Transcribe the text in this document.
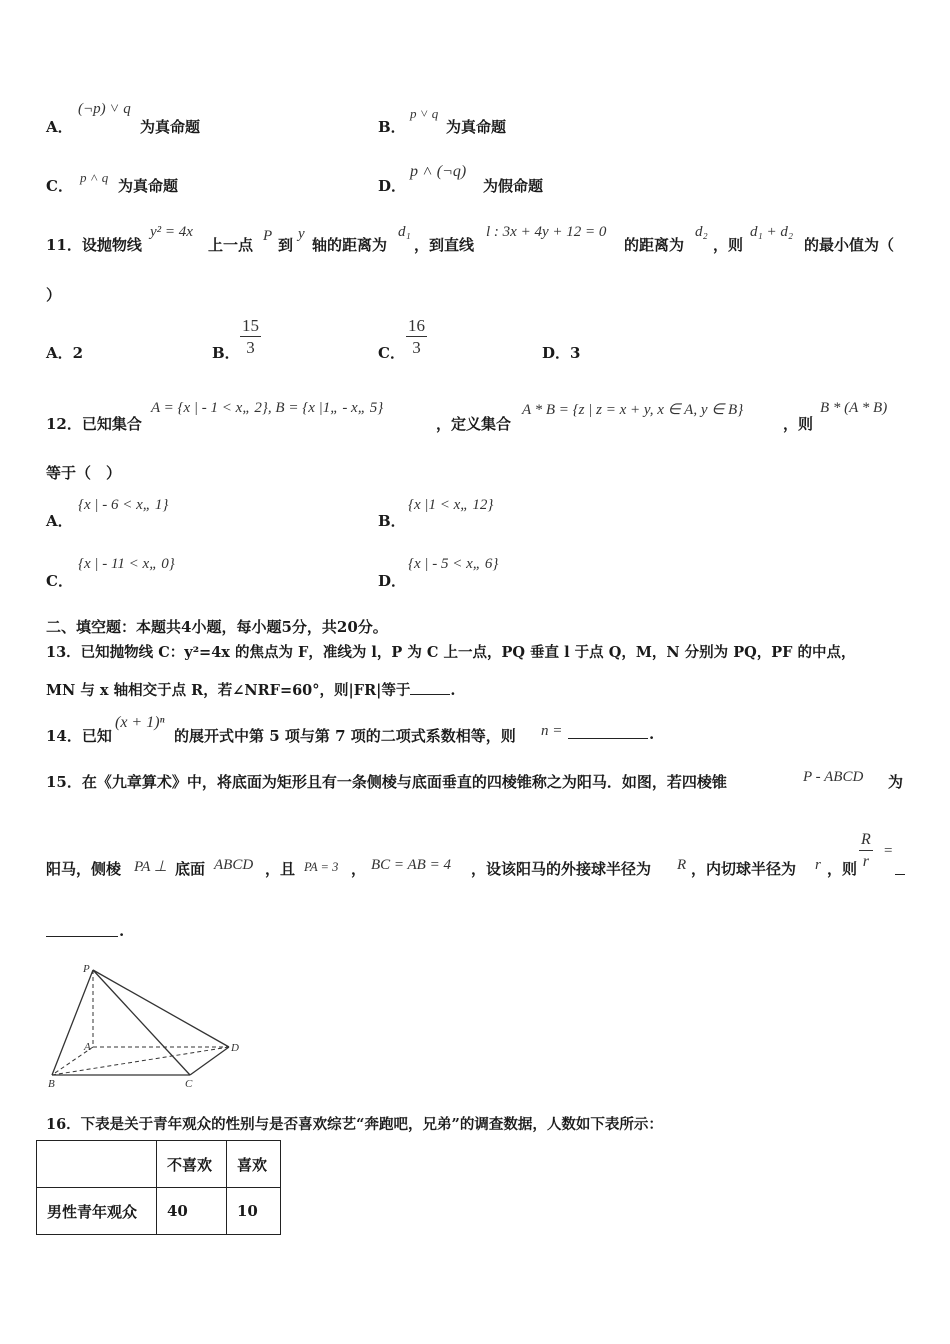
A．
(¬p) ˅ q
为真命题	B．
p ˅ q
为真命题
C． p ˄ q 为真命题	D．
p ˄ (¬q)
为假命题
11．设抛物线
y² = 4x
上一点 P 到
y
轴的距离为
d₁
，到直线
l : 3x + 4y + 12 = 0
的距离为
d₂
，则
d₁ + d₂
的最小值为（
）
A．2	B． $\frac{15}{3}$	C． $\frac{16}{3}$	D．3
12．已知集合
A = {x | - 1 < x„ 2}, B = {x |1„ - x„ 5}
，定义集合
A * B = {z | z = x + y, x ∈ A, y ∈ B}
，则
B * (A * B)
等于（　）
A．
{x | - 6 < x„ 1}
B．
{x |1 < x„ 12}
C．
{x | - 11 < x„ 0}
D．
{x | - 5 < x„ 6}
二、填空题：本题共4小题，每小题5分，共20分。
13．已知抛物线 C：y²=4x 的焦点为 F，准线为 l，P 为 C 上一点，PQ 垂直 l 于点 Q，M，N 分别为 PQ，PF 的中点，
MN 与 x 轴相交于点 R，若∠NRF=60°，则|FR|等于	.
14．已知
(x + 1)ⁿ
的展开式中第 5 项与第 7 项的二项式系数相等，则 n =	.
15．在《九章算术》中，将底面为矩形且有一条侧棱与底面垂直的四棱锥称之为阳马．如图，若四棱锥	P - ABCD 为
阳马，侧棱 PA ⊥ 底面 ABCD ，且 PA = 3 ， BC = AB = 4 ，设该阳马的外接球半径为 R ，内切球半径为 r ，则 $\frac{R}{r}$ =
.
P
A
B	C
D
16．下表是关于青年观众的性别与是否喜欢综艺“奔跑吧，兄弟”的调查数据，人数如下表所示：
	不喜欢	喜欢
男性青年观众	40	10
